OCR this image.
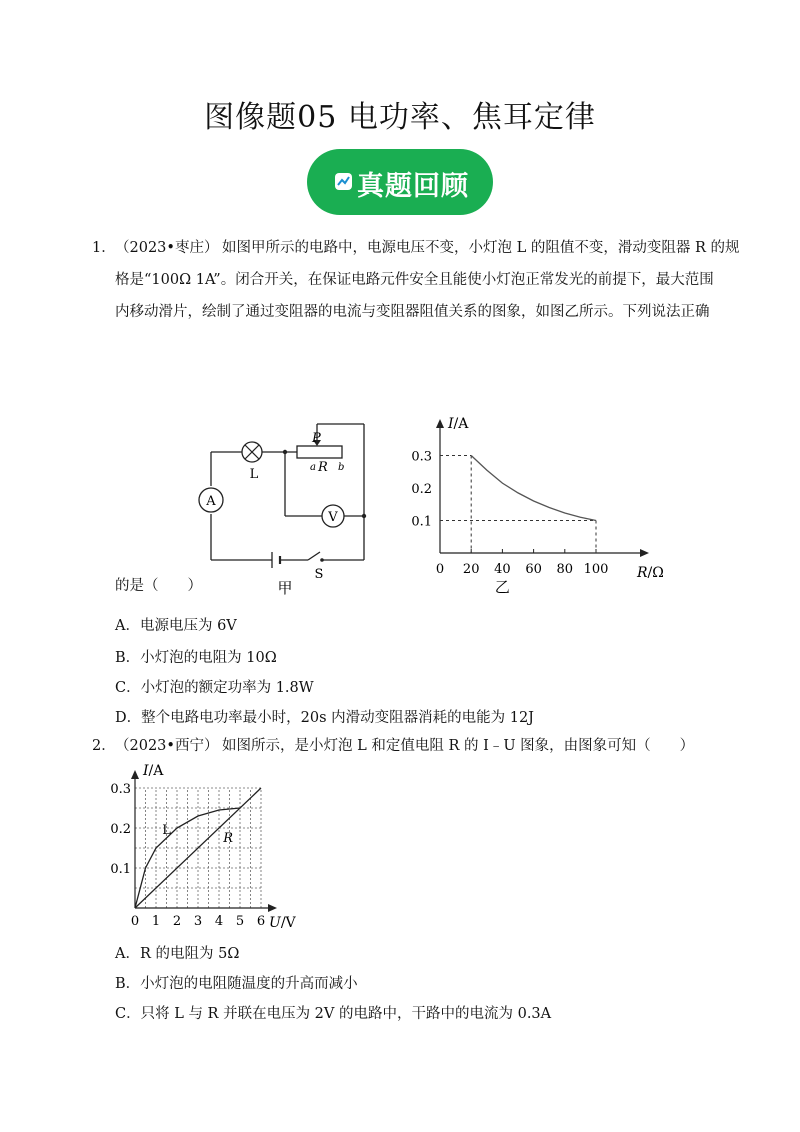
图像题05 电功率、焦耳定律
真题回顾
1． （2023•枣庄） 如图甲所示的电路中，电源电压不变，小灯泡 L 的阻值不变，滑动变阻器 R 的规
格是“100Ω 1A”。闭合开关，在保证电路元件安全且能使小灯泡正常发光的前提下，最大范围
内移动滑片，绘制了通过变阻器的电流与变阻器阻值关系的图象，如图乙所示。下列说法正确
A
V
L
P
a R b
S
甲
0 20 40 60 80 100
0.1
0.2
0.3
R/Ω
I/A
乙
的是（　　）
A．电源电压为 6V
B．小灯泡的电阻为 10Ω
C．小灯泡的额定功率为 1.8W
D．整个电路电功率最小时，20s 内滑动变阻器消耗的电能为 12J
2． （2023•西宁） 如图所示，是小灯泡 L 和定值电阻 R 的 I﹣U 图象，由图象可知（　　）
0 1 2 3 4 5 6
0.1
0.2
0.3
L
R
U/V
I/A
A．R 的电阻为 5Ω
B．小灯泡的电阻随温度的升高而减小
C．只将 L 与 R 并联在电压为 2V 的电路中，干路中的电流为 0.3A
